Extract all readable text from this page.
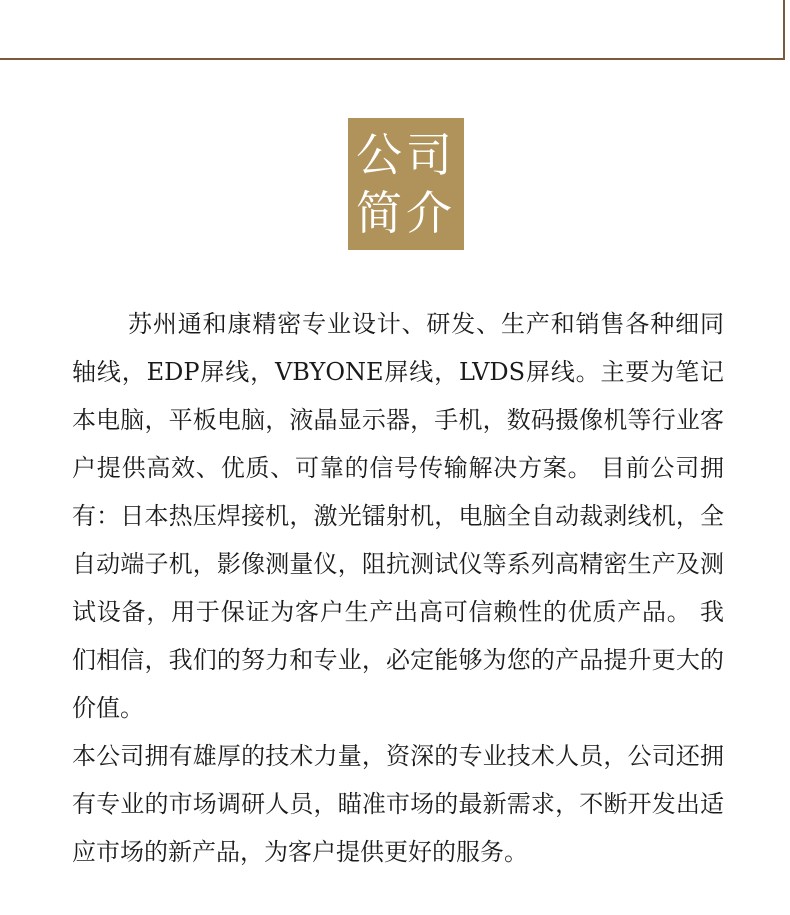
公司
简介

苏州通和康精密专业设计、研发、生产和销售各种细同轴线，EDP屏线，VBYONE屏线，LVDS屏线。主要为笔记本电脑，平板电脑，液晶显示器，手机，数码摄像机等行业客户提供高效、优质、可靠的信号传输解决方案。 目前公司拥有：日本热压焊接机，激光镭射机，电脑全自动裁剥线机，全自动端子机，影像测量仪，阻抗测试仪等系列高精密生产及测试设备，用于保证为客户生产出高可信赖性的优质产品。 我们相信，我们的努力和专业，必定能够为您的产品提升更大的价值。

本公司拥有雄厚的技术力量，资深的专业技术人员，公司还拥有专业的市场调研人员，瞄准市场的最新需求，不断开发出适应市场的新产品，为客户提供更好的服务。
